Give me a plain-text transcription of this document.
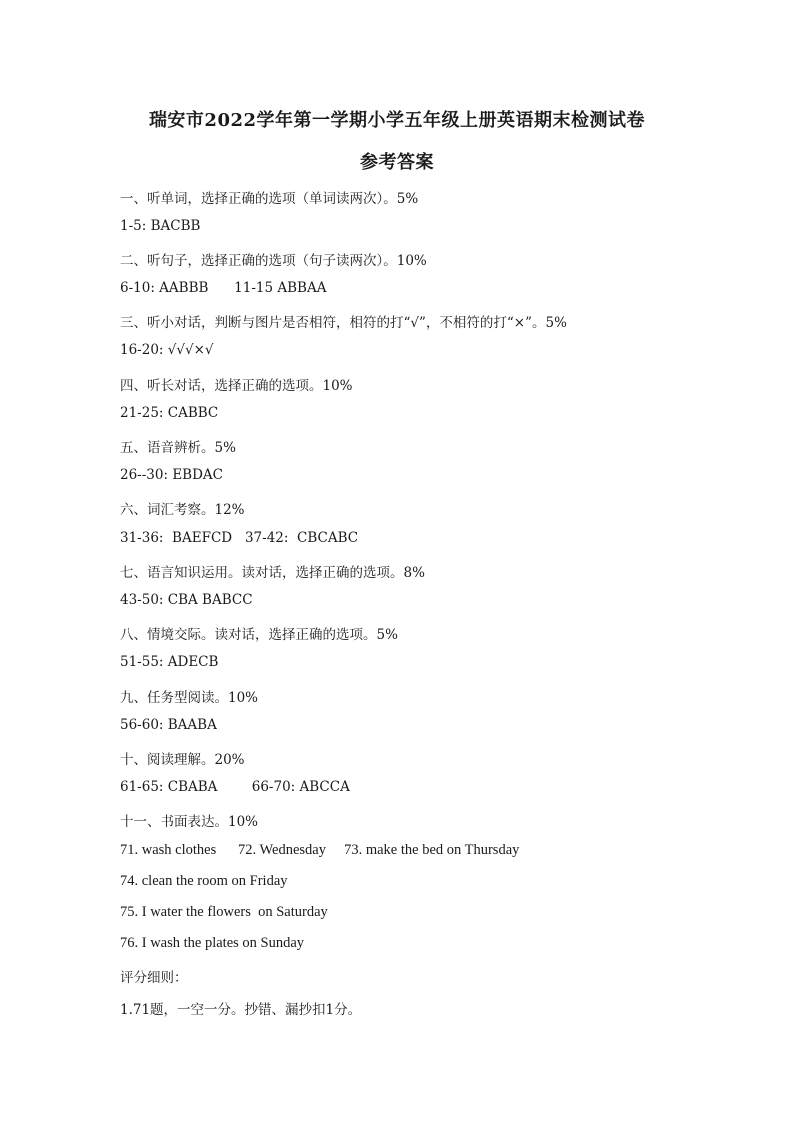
瑞安市2022学年第一学期小学五年级上册英语期末检测试卷
参考答案
一、听单词，选择正确的选项（单词读两次）。5%
1-5: BACBB
二、听句子，选择正确的选项（句子读两次）。10%
6-10: AABBB      11-15 ABBAA
三、听小对话，判断与图片是否相符，相符的打“√”，不相符的打“×”。5%
16-20: √√√×√
四、听长对话，选择正确的选项。10%
21-25: CABBC
五、语音辨析。5%
26--30: EBDAC
六、词汇考察。12%
31-36:  BAEFCD   37-42:  CBCABC
七、语言知识运用。读对话，选择正确的选项。8%
43-50: CBA BABCC
八、情境交际。读对话，选择正确的选项。5%
51-55: ADECB
九、任务型阅读。10%
56-60: BAABA
十、阅读理解。20%
61-65: CBABA        66-70: ABCCA
十一、书面表达。10%
71. wash clothes      72. Wednesday     73. make the bed on Thursday
74. clean the room on Friday
75. I water the flowers  on Saturday
76. I wash the plates on Sunday
评分细则：
1.71题，一空一分。抄错、漏抄扣1分。
